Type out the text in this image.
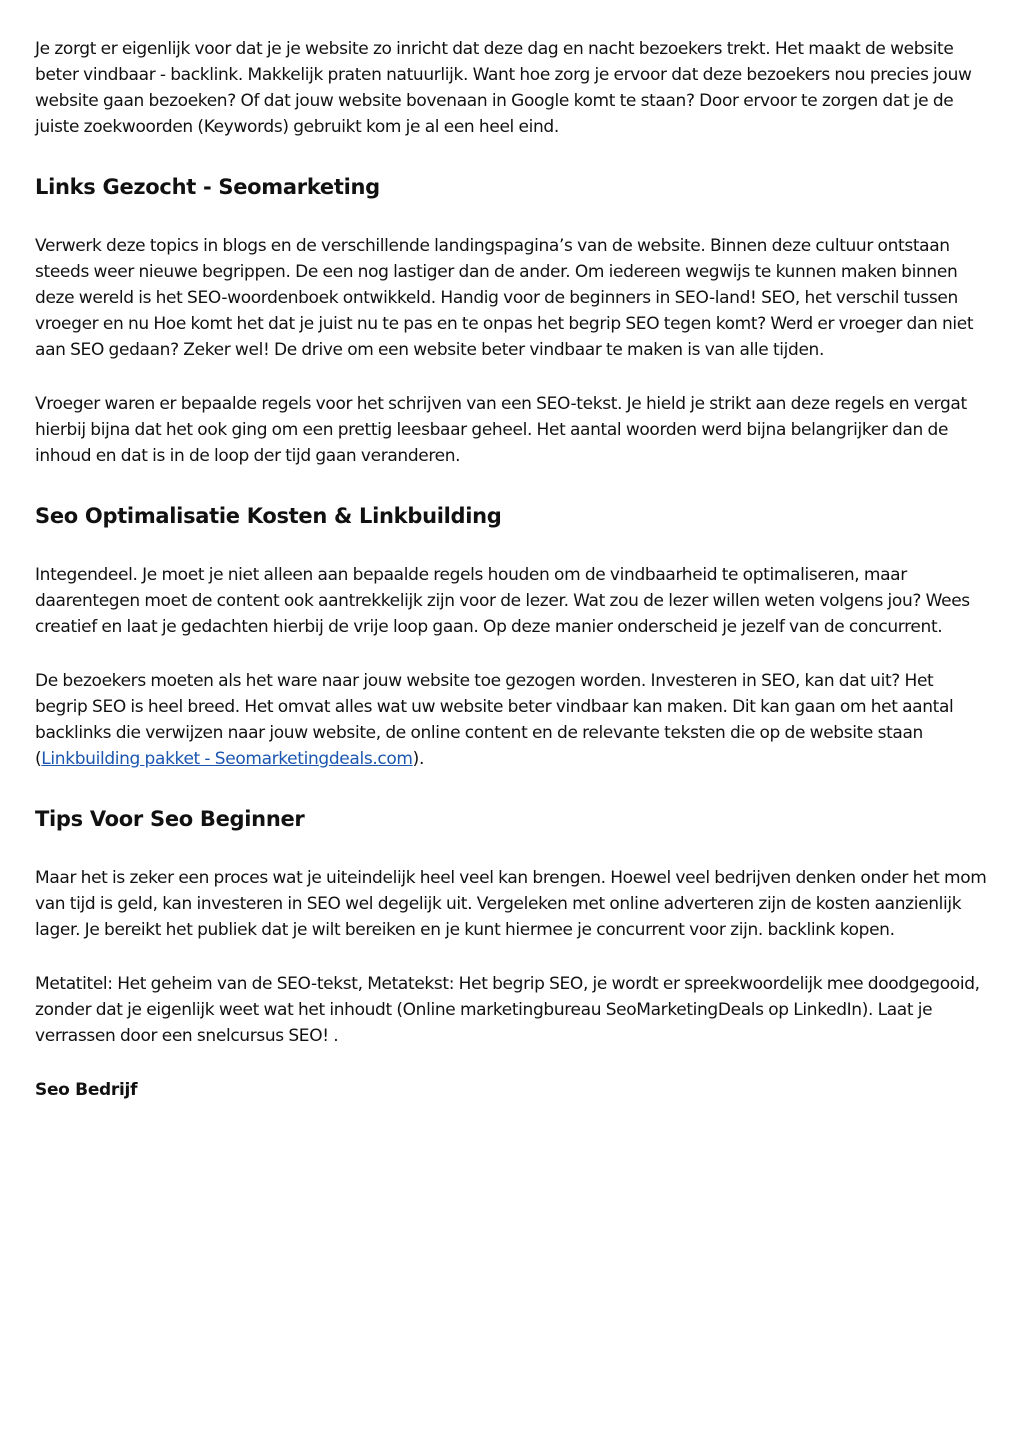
Je zorgt er eigenlijk voor dat je je website zo inricht dat deze dag en nacht bezoekers trekt. Het maakt de website beter vindbaar - backlink. Makkelijk praten natuurlijk. Want hoe zorg je ervoor dat deze bezoekers nou precies jouw website gaan bezoeken? Of dat jouw website bovenaan in Google komt te staan? Door ervoor te zorgen dat je de juiste zoekwoorden (Keywords) gebruikt kom je al een heel eind.

Links Gezocht - Seomarketing

Verwerk deze topics in blogs en de verschillende landingspagina’s van de website. Binnen deze cultuur ontstaan steeds weer nieuwe begrippen. De een nog lastiger dan de ander. Om iedereen wegwijs te kunnen maken binnen deze wereld is het SEO-woordenboek ontwikkeld. Handig voor de beginners in SEO-land! SEO, het verschil tussen vroeger en nu Hoe komt het dat je juist nu te pas en te onpas het begrip SEO tegen komt? Werd er vroeger dan niet aan SEO gedaan? Zeker wel! De drive om een website beter vindbaar te maken is van alle tijden.

Vroeger waren er bepaalde regels voor het schrijven van een SEO-tekst. Je hield je strikt aan deze regels en vergat hierbij bijna dat het ook ging om een prettig leesbaar geheel. Het aantal woorden werd bijna belangrijker dan de inhoud en dat is in de loop der tijd gaan veranderen.

Seo Optimalisatie Kosten & Linkbuilding

Integendeel. Je moet je niet alleen aan bepaalde regels houden om de vindbaarheid te optimaliseren, maar daarentegen moet de content ook aantrekkelijk zijn voor de lezer. Wat zou de lezer willen weten volgens jou? Wees creatief en laat je gedachten hierbij de vrije loop gaan. Op deze manier onderscheid je jezelf van de concurrent.

De bezoekers moeten als het ware naar jouw website toe gezogen worden. Investeren in SEO, kan dat uit? Het begrip SEO is heel breed. Het omvat alles wat uw website beter vindbaar kan maken. Dit kan gaan om het aantal backlinks die verwijzen naar jouw website, de online content en de relevante teksten die op de website staan (Linkbuilding pakket - Seomarketingdeals.com).

Tips Voor Seo Beginner

Maar het is zeker een proces wat je uiteindelijk heel veel kan brengen. Hoewel veel bedrijven denken onder het mom van tijd is geld, kan investeren in SEO wel degelijk uit. Vergeleken met online adverteren zijn de kosten aanzienlijk lager. Je bereikt het publiek dat je wilt bereiken en je kunt hiermee je concurrent voor zijn. backlink kopen.

Metatitel: Het geheim van de SEO-tekst, Metatekst: Het begrip SEO, je wordt er spreekwoordelijk mee doodgegooid, zonder dat je eigenlijk weet wat het inhoudt (Online marketingbureau SeoMarketingDeals op LinkedIn). Laat je verrassen door een snelcursus SEO! .

Seo Bedrijf
